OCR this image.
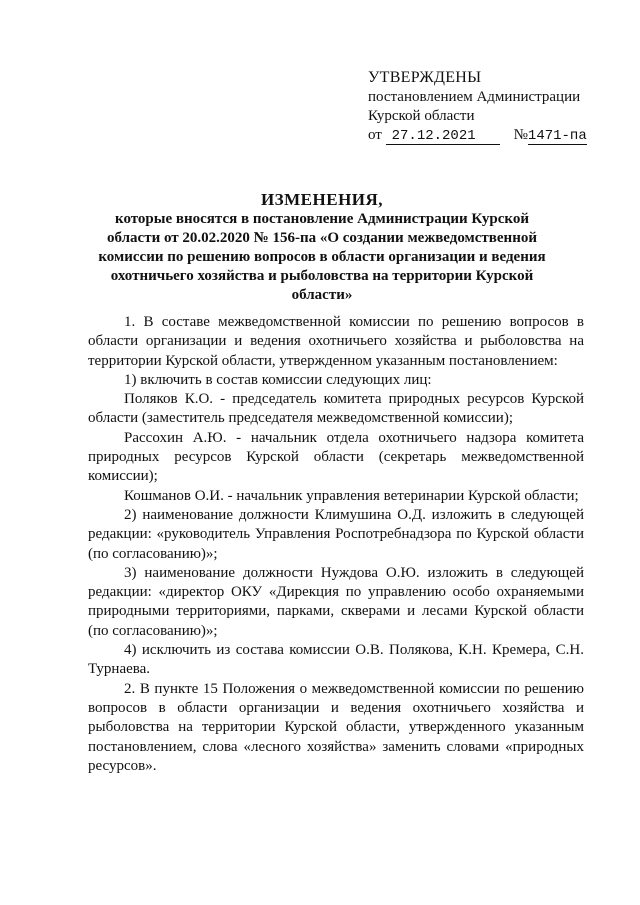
УТВЕРЖДЕНЫ
постановлением Администрации
Курской области
от 27.12.2021	№1471-па
ИЗМЕНЕНИЯ,
которые вносятся в постановление Администрации Курской области от 20.02.2020 № 156-па «О создании межведомственной комиссии по решению вопросов в области организации и ведения охотничьего хозяйства и рыболовства на территории Курской области»

1. В составе межведомственной комиссии по решению вопросов в области организации и ведения охотничьего хозяйства и рыболовства на территории Курской области, утвержденном указанным постановлением:

1) включить в состав комиссии следующих лиц:

Поляков К.О. - председатель комитета природных ресурсов Курской области (заместитель председателя межведомственной комиссии);

Рассохин А.Ю. - начальник отдела охотничьего надзора комитета природных ресурсов Курской области (секретарь межведомственной комиссии);

Кошманов О.И. - начальник управления ветеринарии Курской области;

2) наименование должности Климушина О.Д. изложить в следующей редакции: «руководитель Управления Роспотребнадзора по Курской области (по согласованию)»;

3) наименование должности Нуждова О.Ю. изложить в следующей редакции: «директор ОКУ «Дирекция по управлению особо охраняемыми природными территориями, парками, скверами и лесами Курской области (по согласованию)»;

4) исключить из состава комиссии О.В. Полякова, К.Н. Кремера, С.Н. Турнаева.

2. В пункте 15 Положения о межведомственной комиссии по решению вопросов в области организации и ведения охотничьего хозяйства и рыболовства на территории Курской области, утвержденного указанным постановлением, слова «лесного хозяйства» заменить словами «природных ресурсов».
